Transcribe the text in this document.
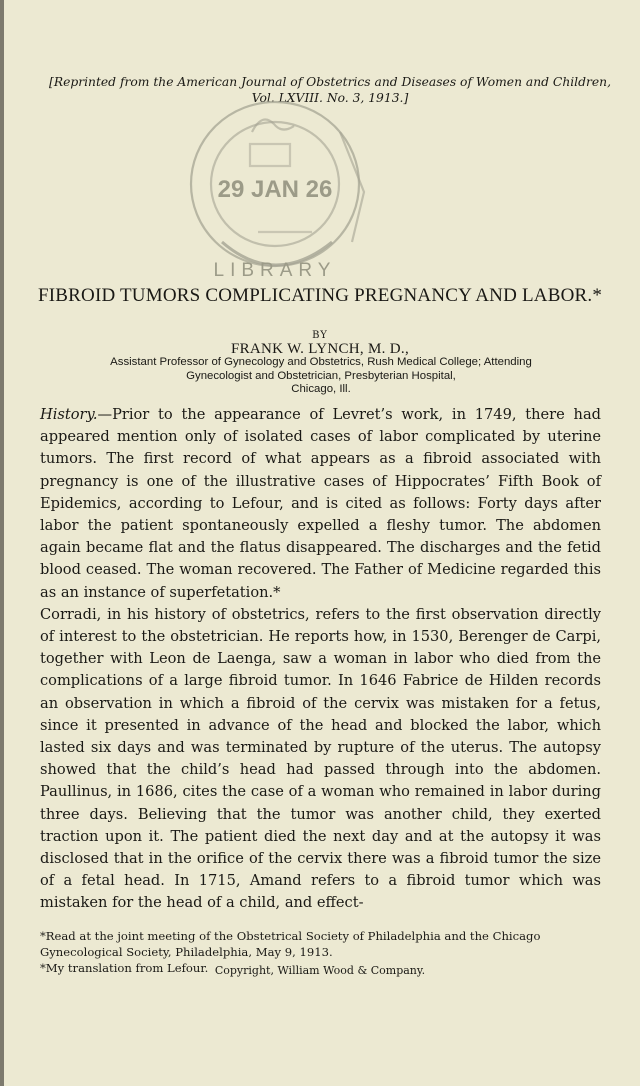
[Reprinted from the American Journal of Obstetrics and Diseases of Women and Children, Vol. LXVIII. No. 3, 1913.]
29 JAN 26
LIBRARY
FIBROID TUMORS COMPLICATING PREGNANCY AND LABOR.*
BY
FRANK W. LYNCH, M. D.,
Assistant Professor of Gynecology and Obstetrics, Rush Medical College; Attending
Gynecologist and Obstetrician, Presbyterian Hospital,
Chicago, Ill.

History.—Prior to the appearance of Levret’s work, in 1749, there had appeared mention only of isolated cases of labor complicated by uterine tumors. The first record of what appears as a fibroid associated with pregnancy is one of the illustrative cases of Hippocrates’ Fifth Book of Epidemics, according to Lefour, and is cited as follows: Forty days after labor the patient spontaneously expelled a fleshy tumor. The abdomen again became flat and the flatus disappeared. The discharges and the fetid blood ceased. The woman recovered. The Father of Medicine regarded this as an instance of superfetation.*

Corradi, in his history of obstetrics, refers to the first observation directly of interest to the obstetrician. He reports how, in 1530, Berenger de Carpi, together with Leon de Laenga, saw a woman in labor who died from the complications of a large fibroid tumor. In 1646 Fabrice de Hilden records an observation in which a fibroid of the cervix was mistaken for a fetus, since it presented in advance of the head and blocked the labor, which lasted six days and was terminated by rupture of the uterus. The autopsy showed that the child’s head had passed through into the abdomen. Paullinus, in 1686, cites the case of a woman who remained in labor during three days. Believing that the tumor was another child, they exerted traction upon it. The patient died the next day and at the autopsy it was disclosed that in the orifice of the cervix there was a fibroid tumor the size of a fetal head. In 1715, Amand refers to a fibroid tumor which was mistaken for the head of a child, and effect-

*Read at the joint meeting of the Obstetrical Society of Philadelphia and the Chicago Gynecological Society, Philadelphia, May 9, 1913.
*My translation from Lefour. Copyright, William Wood & Company.
